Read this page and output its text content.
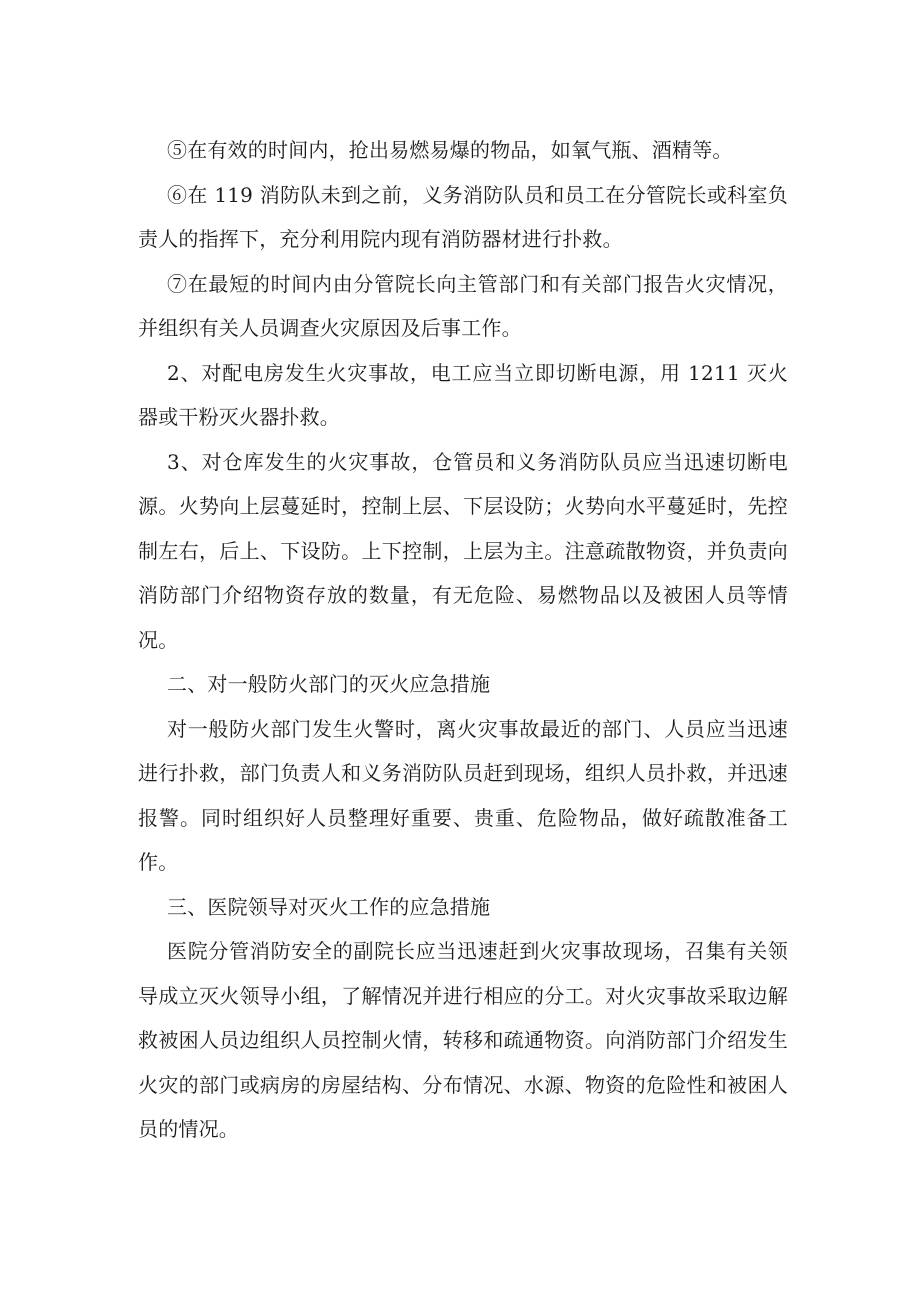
⑤在有效的时间内，抢出易燃易爆的物品，如氧气瓶、酒精等。

⑥在 119 消防队未到之前，义务消防队员和员工在分管院长或科室负责人的指挥下，充分利用院内现有消防器材进行扑救。

⑦在最短的时间内由分管院长向主管部门和有关部门报告火灾情况，并组织有关人员调查火灾原因及后事工作。

2、对配电房发生火灾事故，电工应当立即切断电源，用 1211 灭火器或干粉灭火器扑救。

3、对仓库发生的火灾事故，仓管员和义务消防队员应当迅速切断电源。火势向上层蔓延时，控制上层、下层设防；火势向水平蔓延时，先控制左右，后上、下设防。上下控制，上层为主。注意疏散物资，并负责向消防部门介绍物资存放的数量，有无危险、易燃物品以及被困人员等情况。

二、对一般防火部门的灭火应急措施

对一般防火部门发生火警时，离火灾事故最近的部门、人员应当迅速进行扑救，部门负责人和义务消防队员赶到现场，组织人员扑救，并迅速报警。同时组织好人员整理好重要、贵重、危险物品，做好疏散准备工作。

三、医院领导对灭火工作的应急措施

医院分管消防安全的副院长应当迅速赶到火灾事故现场，召集有关领导成立灭火领导小组，了解情况并进行相应的分工。对火灾事故采取边解救被困人员边组织人员控制火情，转移和疏通物资。向消防部门介绍发生火灾的部门或病房的房屋结构、分布情况、水源、物资的危险性和被困人员的情况。
